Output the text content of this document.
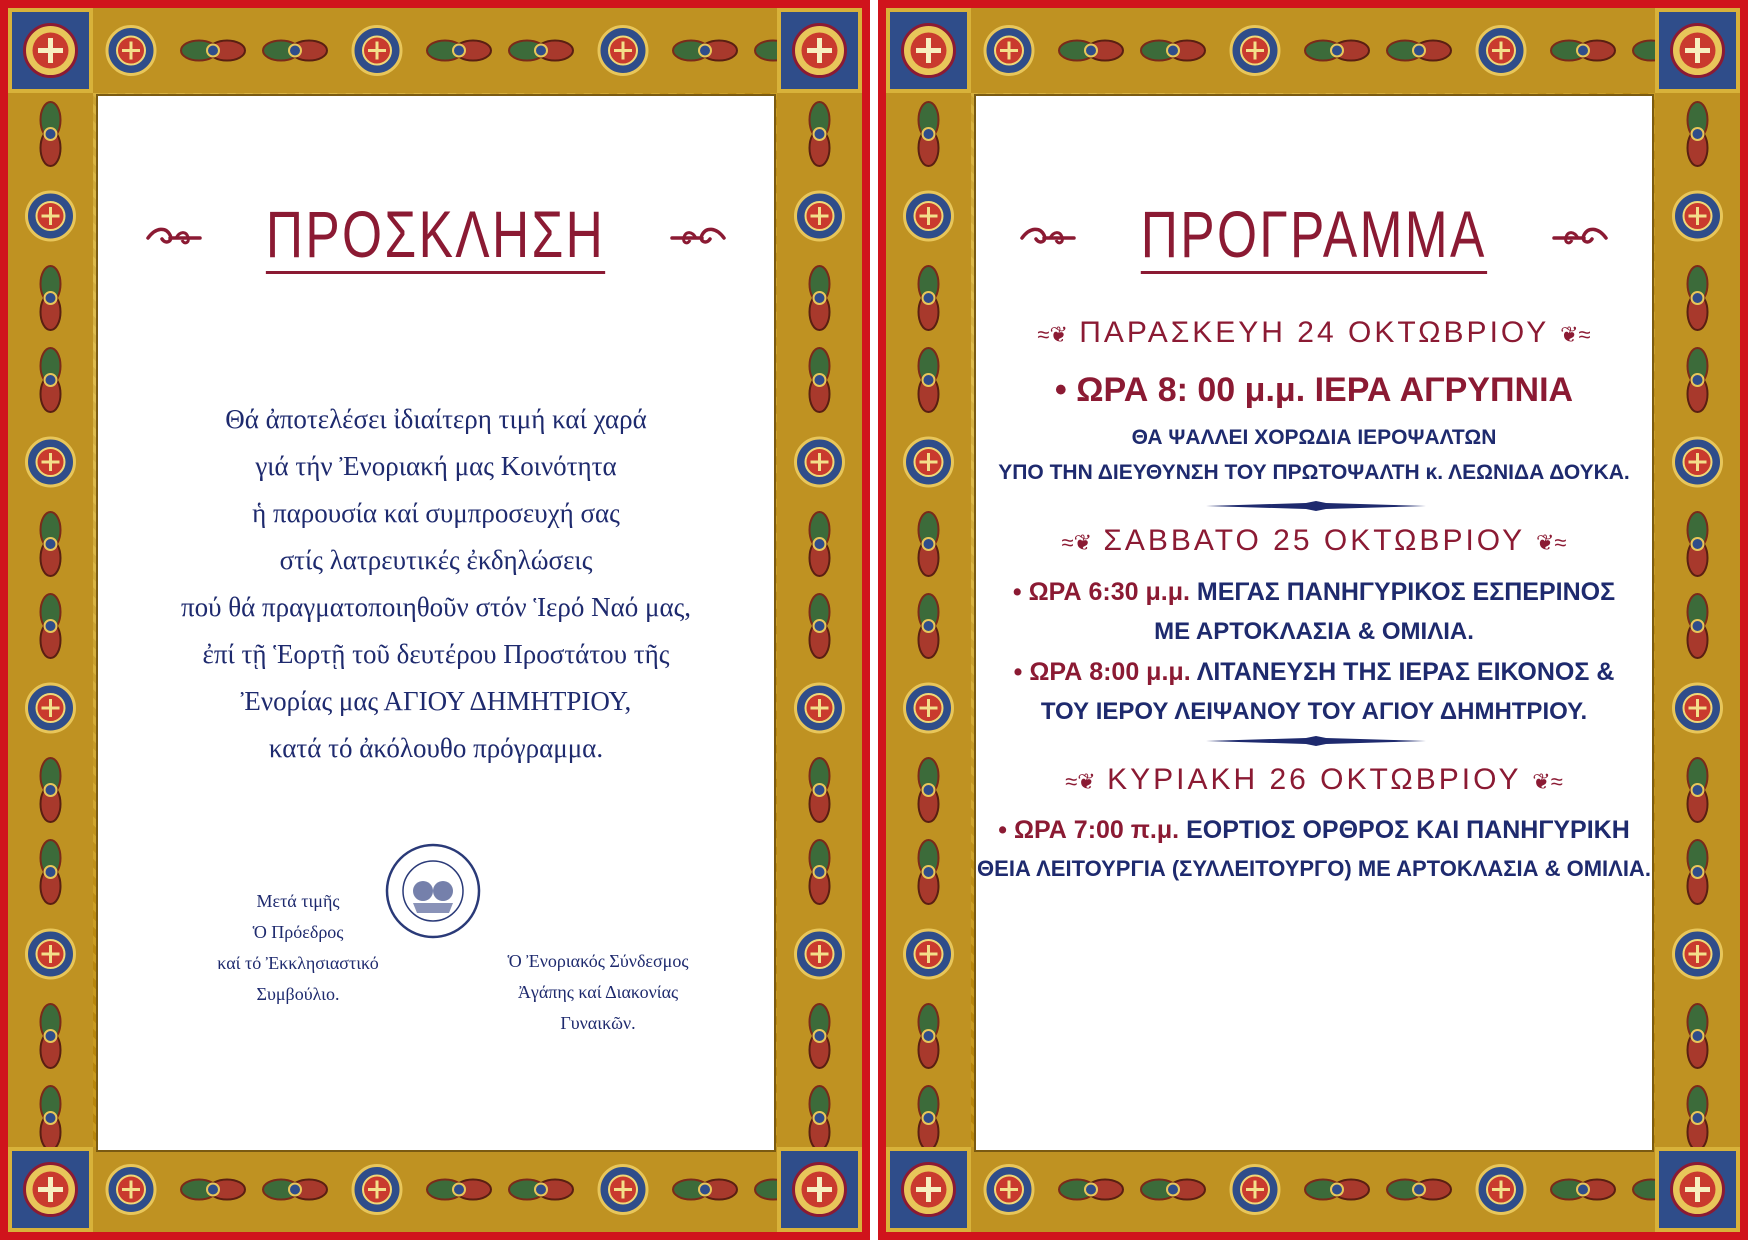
ΠΡΟΣΚΛΗΣΗ
Θά ἀποτελέσει ἰδιαίτερη τιμή καί χαρά
γιά τήν Ἐνοριακή μας Κοινότητα
ἡ παρουσία καί συμπροσευχή σας
στίς λατρευτικές ἐκδηλώσεις
πού θά πραγματοποιηθοῦν στόν Ἱερό Ναό μας,
ἐπί τῇ Ἑορτῇ τοῦ δευτέρου Προστάτου τῆς
Ἐνορίας μας ΑΓΙΟΥ ΔΗΜΗΤΡΙΟΥ,
κατά τό ἀκόλουθο πρόγραμμα.
Μετά τιμῆς
Ὁ Πρόεδρος
καί τό Ἐκκλησιαστικό
Συμβούλιο.
Ὁ Ἐνοριακός Σύνδεσμος
Ἀγάπης καί Διακονίας
Γυναικῶν.
ΠΡΟΓΡΑΜΜΑ
≈❦ ΠΑΡΑΣΚΕΥΗ 24 ΟΚΤΩΒΡΙΟΥ ❦≈
• ΩΡΑ 8: 00 μ.μ. ΙΕΡΑ ΑΓΡΥΠΝΙΑ
ΘΑ ΨΑΛΛΕΙ ΧΟΡΩΔΙΑ ΙΕΡΟΨΑΛΤΩΝ
ΥΠΟ ΤΗΝ ΔΙΕΥΘΥΝΣΗ ΤΟΥ ΠΡΩΤΟΨΑΛΤΗ κ. ΛΕΩΝΙΔΑ ΔΟΥΚΑ.
≈❦ ΣΑΒΒΑΤΟ 25 ΟΚΤΩΒΡΙΟΥ ❦≈
• ΩΡΑ 6:30 μ.μ. ΜΕΓΑΣ ΠΑΝΗΓΥΡΙΚΟΣ ΕΣΠΕΡΙΝΟΣ
ΜΕ ΑΡΤΟΚΛΑΣΙΑ & ΟΜΙΛΙΑ.
• ΩΡΑ 8:00 μ.μ. ΛΙΤΑΝΕΥΣΗ ΤΗΣ ΙΕΡΑΣ ΕΙΚΟΝΟΣ &
ΤΟΥ ΙΕΡΟΥ ΛΕΙΨΑΝΟΥ ΤΟΥ ΑΓΙΟΥ ΔΗΜΗΤΡΙΟΥ.
≈❦ ΚΥΡΙΑΚΗ 26 ΟΚΤΩΒΡΙΟΥ ❦≈
• ΩΡΑ 7:00 π.μ. ΕΟΡΤΙΟΣ ΟΡΘΡΟΣ ΚΑΙ ΠΑΝΗΓΥΡΙΚΗ
ΘΕΙΑ ΛΕΙΤΟΥΡΓΙΑ (ΣΥΛΛΕΙΤΟΥΡΓΟ) ΜΕ ΑΡΤΟΚΛΑΣΙΑ & ΟΜΙΛΙΑ.
